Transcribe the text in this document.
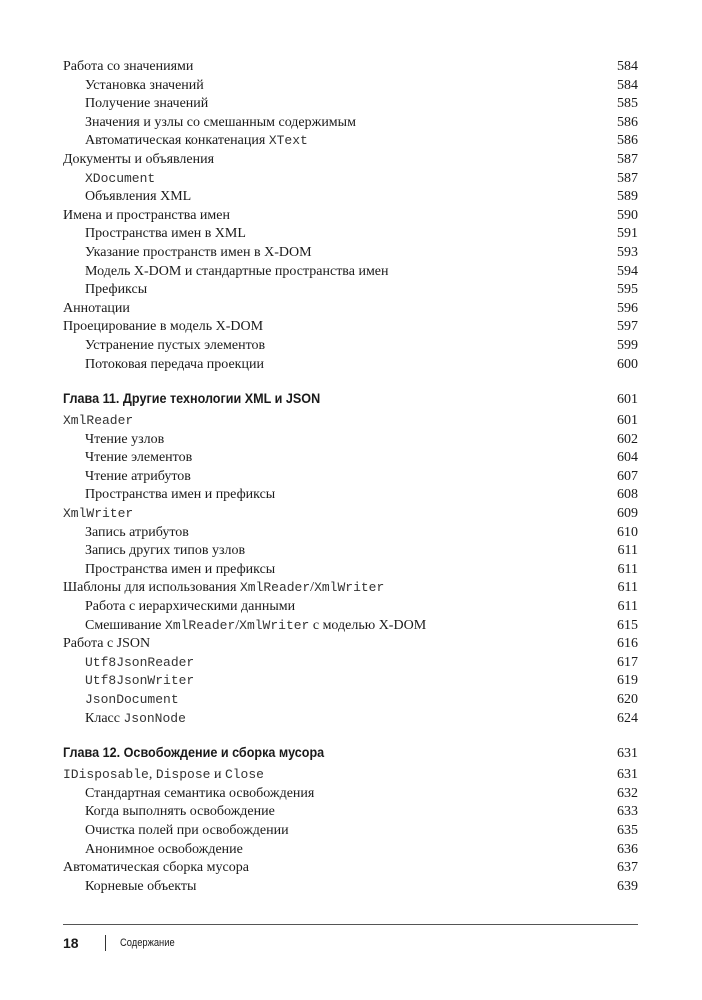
Работа со значениями	584
Установка значений	584
Получение значений	585
Значения и узлы со смешанным содержимым	586
Автоматическая конкатенация XText	586
Документы и объявления	587
XDocument	587
Объявления XML	589
Имена и пространства имен	590
Пространства имен в XML	591
Указание пространств имен в X-DOM	593
Модель X-DOM и стандартные пространства имен	594
Префиксы	595
Аннотации	596
Проецирование в модель X-DOM	597
Устранение пустых элементов	599
Потоковая передача проекции	600
Глава 11. Другие технологии XML и JSON	601
XmlReader	601
Чтение узлов	602
Чтение элементов	604
Чтение атрибутов	607
Пространства имен и префиксы	608
XmlWriter	609
Запись атрибутов	610
Запись других типов узлов	611
Пространства имен и префиксы	611
Шаблоны для использования XmlReader/XmlWriter	611
Работа с иерархическими данными	611
Смешивание XmlReader/XmlWriter с моделью X-DOM	615
Работа с JSON	616
Utf8JsonReader	617
Utf8JsonWriter	619
JsonDocument	620
Класс JsonNode	624
Глава 12. Освобождение и сборка мусора	631
IDisposable, Dispose и Close	631
Стандартная семантика освобождения	632
Когда выполнять освобождение	633
Очистка полей при освобождении	635
Анонимное освобождение	636
Автоматическая сборка мусора	637
Корневые объекты	639
18	Содержание
